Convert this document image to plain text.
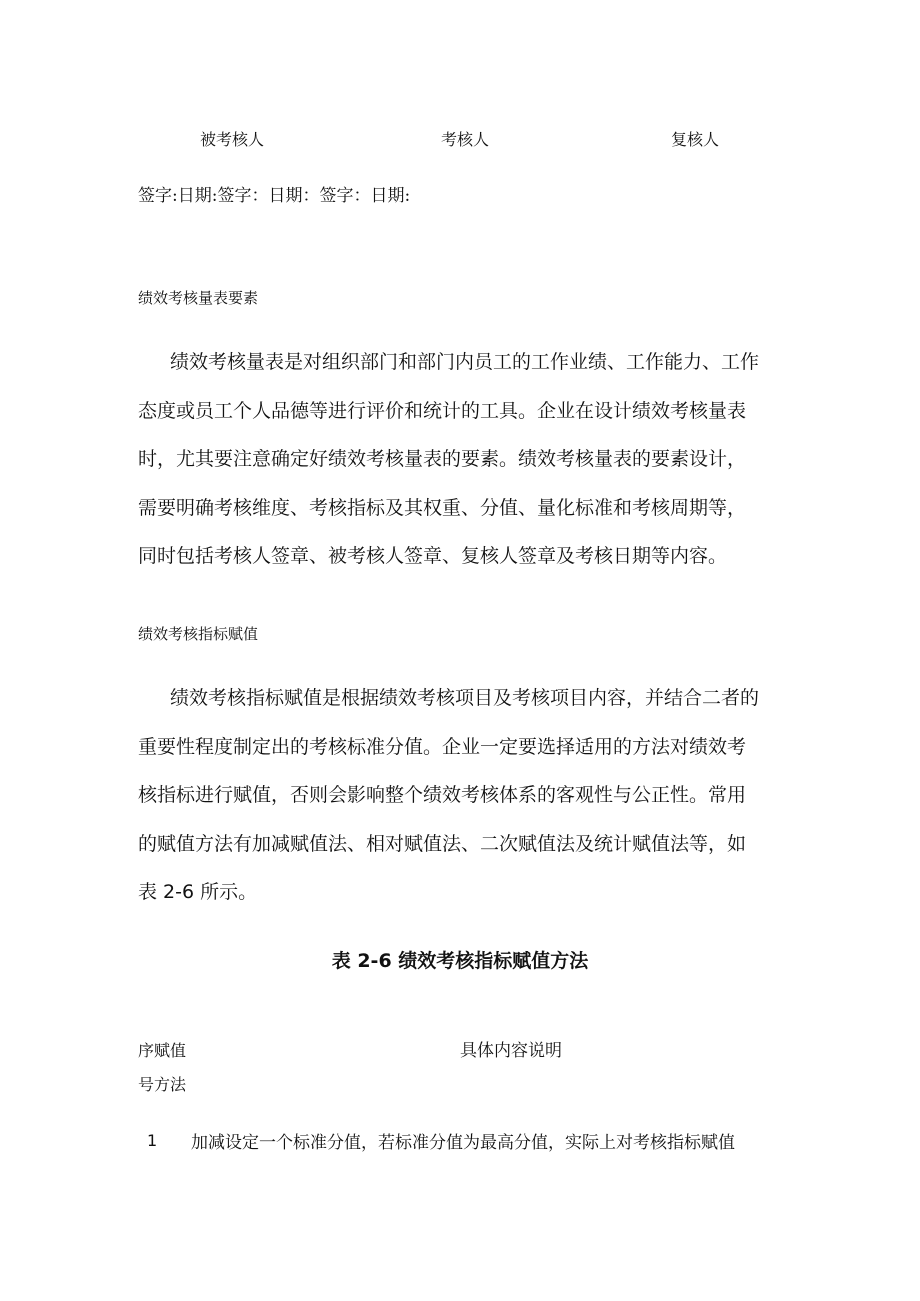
被考核人	考核人	复核人
签字:日期:签字：日期：签字：日期:
绩效考核量表要素
绩效考核量表是对组织部门和部门内员工的工作业绩、工作能力、工作
态度或员工个人品德等进行评价和统计的工具。企业在设计绩效考核量表
时，尤其要注意确定好绩效考核量表的要素。绩效考核量表的要素设计，
需要明确考核维度、考核指标及其权重、分值、量化标准和考核周期等，
同时包括考核人签章、被考核人签章、复核人签章及考核日期等内容。
绩效考核指标赋值
绩效考核指标赋值是根据绩效考核项目及考核项目内容，并结合二者的
重要性程度制定出的考核标准分值。企业一定要选择适用的方法对绩效考
核指标进行赋值，否则会影响整个绩效考核体系的客观性与公正性。常用
的赋值方法有加减赋值法、相对赋值法、二次赋值法及统计赋值法等，如
表 2-6 所示。
表 2-6 绩效考核指标赋值方法
序赋值
号方法
具体内容说明
1 加减设定一个标准分值，若标准分值为最高分值，实际上对考核指标赋值
